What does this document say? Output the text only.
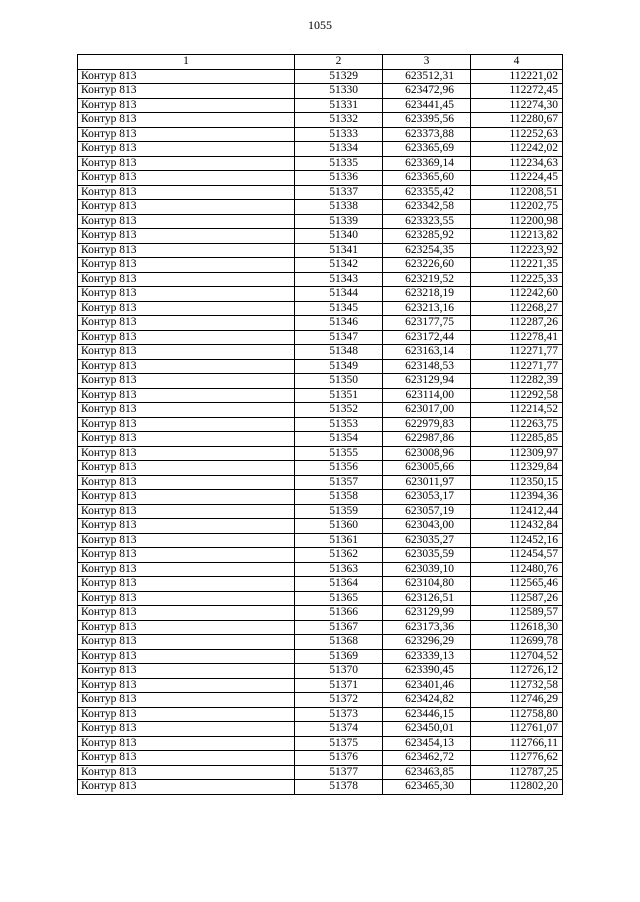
1055
1	2	3	4
Контур 813	51329	623512,31	112221,02
Контур 813	51330	623472,96	112272,45
Контур 813	51331	623441,45	112274,30
Контур 813	51332	623395,56	112280,67
Контур 813	51333	623373,88	112252,63
Контур 813	51334	623365,69	112242,02
Контур 813	51335	623369,14	112234,63
Контур 813	51336	623365,60	112224,45
Контур 813	51337	623355,42	112208,51
Контур 813	51338	623342,58	112202,75
Контур 813	51339	623323,55	112200,98
Контур 813	51340	623285,92	112213,82
Контур 813	51341	623254,35	112223,92
Контур 813	51342	623226,60	112221,35
Контур 813	51343	623219,52	112225,33
Контур 813	51344	623218,19	112242,60
Контур 813	51345	623213,16	112268,27
Контур 813	51346	623177,75	112287,26
Контур 813	51347	623172,44	112278,41
Контур 813	51348	623163,14	112271,77
Контур 813	51349	623148,53	112271,77
Контур 813	51350	623129,94	112282,39
Контур 813	51351	623114,00	112292,58
Контур 813	51352	623017,00	112214,52
Контур 813	51353	622979,83	112263,75
Контур 813	51354	622987,86	112285,85
Контур 813	51355	623008,96	112309,97
Контур 813	51356	623005,66	112329,84
Контур 813	51357	623011,97	112350,15
Контур 813	51358	623053,17	112394,36
Контур 813	51359	623057,19	112412,44
Контур 813	51360	623043,00	112432,84
Контур 813	51361	623035,27	112452,16
Контур 813	51362	623035,59	112454,57
Контур 813	51363	623039,10	112480,76
Контур 813	51364	623104,80	112565,46
Контур 813	51365	623126,51	112587,26
Контур 813	51366	623129,99	112589,57
Контур 813	51367	623173,36	112618,30
Контур 813	51368	623296,29	112699,78
Контур 813	51369	623339,13	112704,52
Контур 813	51370	623390,45	112726,12
Контур 813	51371	623401,46	112732,58
Контур 813	51372	623424,82	112746,29
Контур 813	51373	623446,15	112758,80
Контур 813	51374	623450,01	112761,07
Контур 813	51375	623454,13	112766,11
Контур 813	51376	623462,72	112776,62
Контур 813	51377	623463,85	112787,25
Контур 813	51378	623465,30	112802,20
